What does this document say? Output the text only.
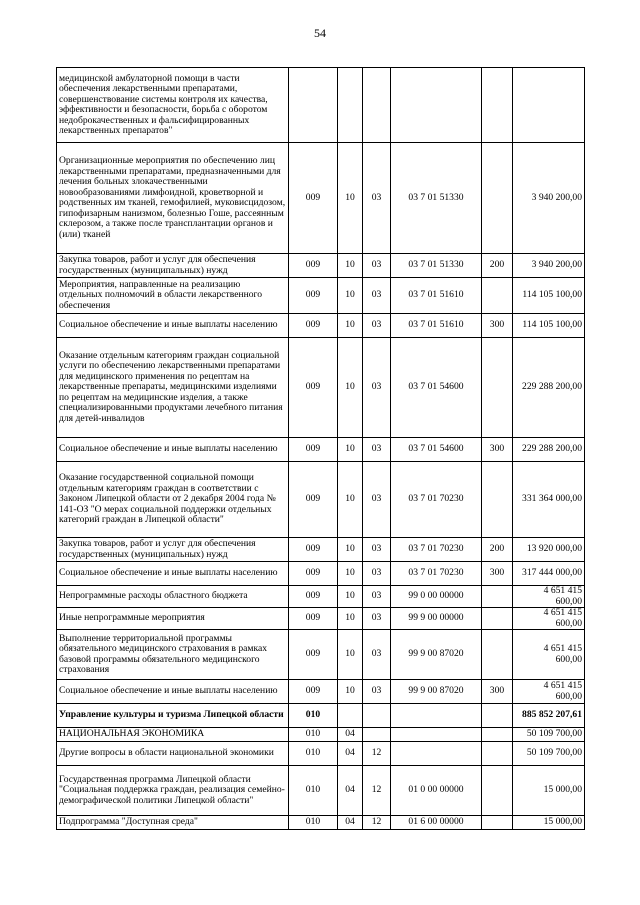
54
медицинской амбулаторной помощи в части обеспечения лекарственными препаратами, совершенствование системы контроля их качества, эффективности и безопасности, борьба с оборотом недоброкачественных и фальсифицированных лекарственных препаратов"						
Организационные мероприятия по обеспечению лиц лекарственными препаратами, предназначенными для лечения больных злокачественными новообразованиями лимфоидной, кроветворной и родственных им тканей, гемофилией, муковисцидозом, гипофизарным нанизмом, болезнью Гоше, рассеянным склерозом, а также после трансплантации органов и (или) тканей	009	10	03	03 7 01 51330		3 940 200,00
Закупка товаров, работ и услуг для обеспечения государственных (муниципальных) нужд	009	10	03	03 7 01 51330	200	3 940 200,00
Мероприятия, направленные на реализацию отдельных полномочий в области лекарственного обеспечения	009	10	03	03 7 01 51610		114 105 100,00
Социальное обеспечение и иные выплаты населению	009	10	03	03 7 01 51610	300	114 105 100,00
Оказание отдельным категориям граждан социальной услуги по обеспечению лекарственными препаратами для медицинского применения по рецептам на лекарственные препараты, медицинскими изделиями по рецептам на медицинские изделия, а также специализированными продуктами лечебного питания для детей-инвалидов	009	10	03	03 7 01 54600		229 288 200,00
Социальное обеспечение и иные выплаты населению	009	10	03	03 7 01 54600	300	229 288 200,00
Оказание государственной социальной помощи отдельным категориям граждан в соответствии с Законом Липецкой области от 2 декабря 2004 года № 141-ОЗ "О мерах социальной поддержки отдельных категорий граждан в Липецкой области"	009	10	03	03 7 01 70230		331 364 000,00
Закупка товаров, работ и услуг для обеспечения государственных (муниципальных) нужд	009	10	03	03 7 01 70230	200	13 920 000,00
Социальное обеспечение и иные выплаты населению	009	10	03	03 7 01 70230	300	317 444 000,00
Непрограммные расходы областного бюджета	009	10	03	99 0 00 00000		4 651 415 600,00
Иные непрограммные мероприятия	009	10	03	99 9 00 00000		4 651 415 600,00
Выполнение территориальной программы обязательного медицинского страхования в рамках базовой программы обязательного медицинского страхования	009	10	03	99 9 00 87020		4 651 415 600,00
Социальное обеспечение и иные выплаты населению	009	10	03	99 9 00 87020	300	4 651 415 600,00
Управление культуры и туризма Липецкой области	010					885 852 207,61
НАЦИОНАЛЬНАЯ ЭКОНОМИКА	010	04				50 109 700,00
Другие вопросы в области национальной экономики	010	04	12			50 109 700,00
Государственная программа Липецкой области "Социальная поддержка граждан, реализация семейно-демографической политики Липецкой области"	010	04	12	01 0 00 00000		15 000,00
Подпрограмма "Доступная среда"	010	04	12	01 6 00 00000		15 000,00
